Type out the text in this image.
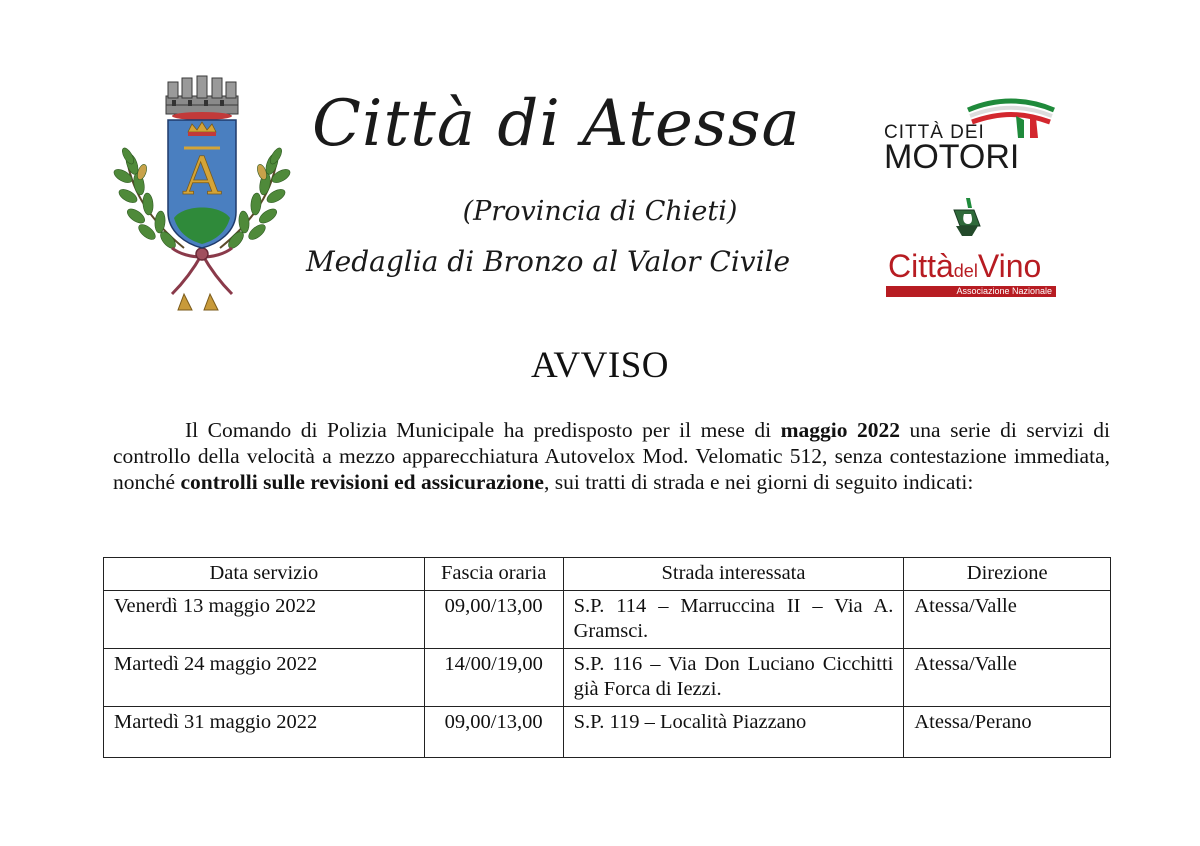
A
Città di Atessa
(Provincia di Chieti)
Medaglia di Bronzo al Valor Civile
CITTÀ DEI
MOTORI
CittàdelVino
Associazione Nazionale
AVVISO

Il Comando di Polizia Municipale ha predisposto per il mese di maggio 2022 una serie di servizi di controllo della velocità a mezzo apparecchiatura Autovelox Mod. Velomatic 512, senza contestazione immediata, nonché controlli sulle revisioni ed assicurazione, sui tratti di strada e nei giorni di seguito indicati:

Data servizio	Fascia oraria	Strada interessata	Direzione
Venerdì 13 maggio 2022	09,00/13,00	S.P. 114 – Marruccina II – Via A. Gramsci.	Atessa/Valle
Martedì 24 maggio 2022	14/00/19,00	S.P. 116 – Via Don Luciano Cicchitti già Forca di Iezzi.	Atessa/Valle
Martedì 31 maggio 2022	09,00/13,00	S.P. 119 – Località Piazzano	Atessa/Perano
